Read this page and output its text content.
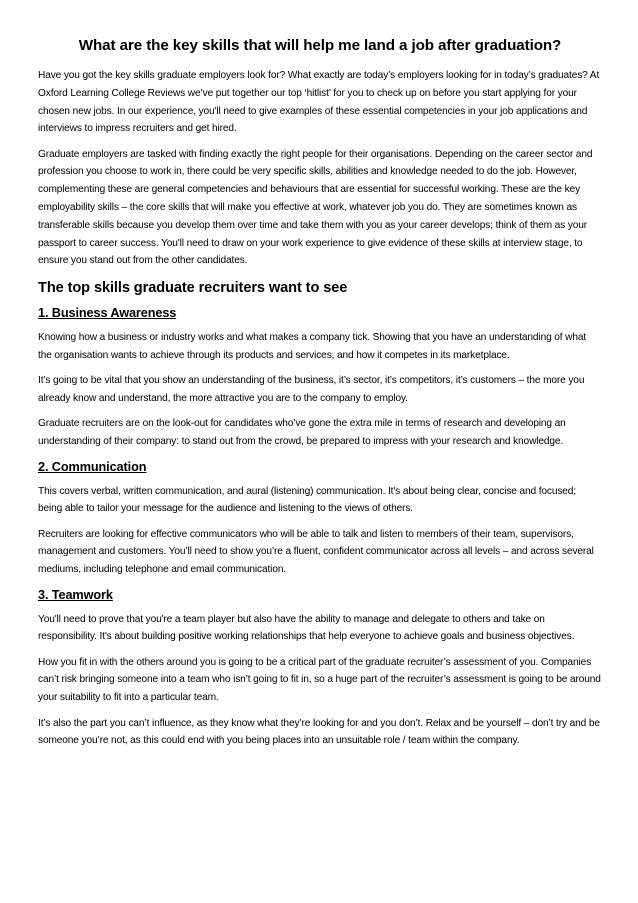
What are the key skills that will help me land a job after graduation?

Have you got the key skills graduate employers look for? What exactly are today’s employers looking for in today’s graduates? At Oxford Learning College Reviews we’ve put together our top ‘hitlist’ for you to check up on before you start applying for your chosen new jobs. In our experience, you'll need to give examples of these essential competencies in your job applications and interviews to impress recruiters and get hired.

Graduate employers are tasked with finding exactly the right people for their organisations. Depending on the career sector and profession you choose to work in, there could be very specific skills, abilities and knowledge needed to do the job. However, complementing these are general competencies and behaviours that are essential for successful working. These are the key employability skills – the core skills that will make you effective at work, whatever job you do. They are sometimes known as transferable skills because you develop them over time and take them with you as your career develops; think of them as your passport to career success. You'll need to draw on your work experience to give evidence of these skills at interview stage, to ensure you stand out from the other candidates.

The top skills graduate recruiters want to see
1. Business Awareness

Knowing how a business or industry works and what makes a company tick. Showing that you have an understanding of what the organisation wants to achieve through its products and services, and how it competes in its marketplace.

It’s going to be vital that you show an understanding of the business, it’s sector, it’s competitors, it’s customers – the more you already know and understand, the more attractive you are to the company to employ.

Graduate recruiters are on the look-out for candidates who’ve gone the extra mile in terms of research and developing an understanding of their company: to stand out from the crowd, be prepared to impress with your research and knowledge.

2. Communication

This covers verbal, written communication, and aural (listening) communication. It's about being clear, concise and focused; being able to tailor your message for the audience and listening to the views of others.

Recruiters are looking for effective communicators who will be able to talk and listen to members of their team, supervisors, management and customers. You’ll need to show you’re a fluent, confident communicator across all levels – and across several mediums, including telephone and email communication.

3. Teamwork

You'll need to prove that you're a team player but also have the ability to manage and delegate to others and take on responsibility. It's about building positive working relationships that help everyone to achieve goals and business objectives.

How you fit in with the others around you is going to be a critical part of the graduate recruiter’s assessment of you. Companies can’t risk bringing someone into a team who isn’t going to fit in, so a huge part of the recruiter’s assessment is going to be around your suitability to fit into a particular team.

It’s also the part you can’t influence, as they know what they’re looking for and you don’t. Relax and be yourself – don’t try and be someone you’re not, as this could end with you being places into an unsuitable role / team within the company.
